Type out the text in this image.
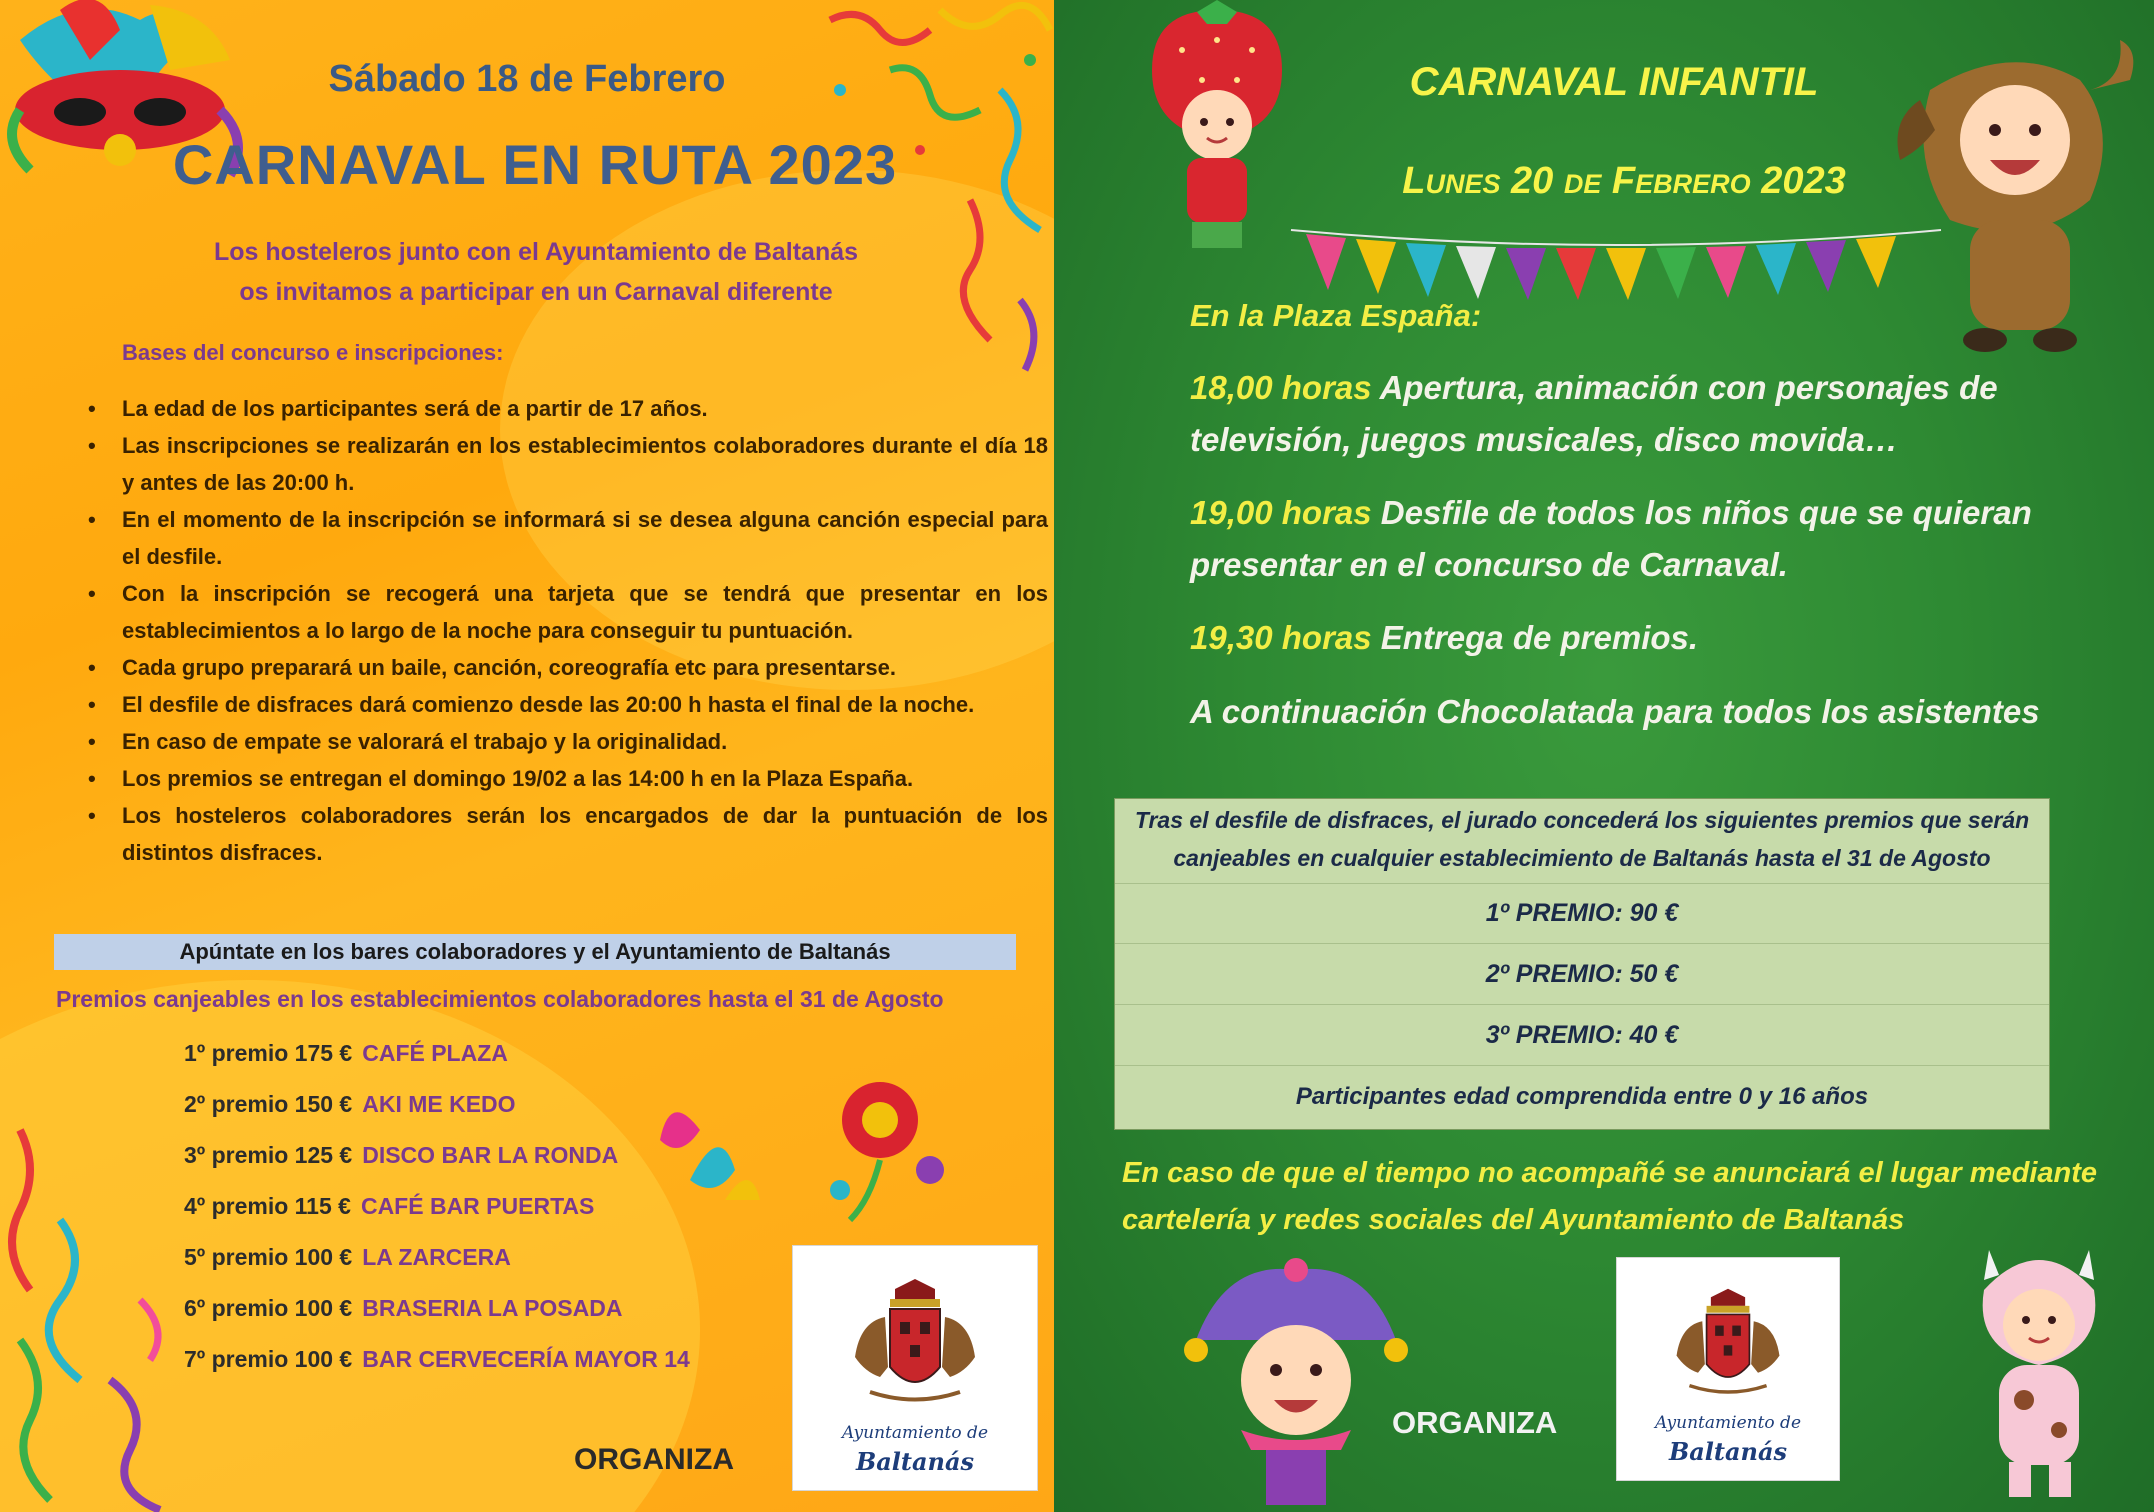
Sábado 18 de Febrero
CARNAVAL EN RUTA 2023
Los hosteleros junto con el Ayuntamiento de Baltanás
os invitamos a participar en un Carnaval diferente
Bases del concurso e inscripciones:
• La edad de los participantes será de a partir de 17 años.
• Las inscripciones se realizarán en los establecimientos colaboradores durante el día 18 y antes de las 20:00 h.
• En el momento de la inscripción se informará si se desea alguna canción especial para el desfile.
• Con la inscripción se recogerá una tarjeta que se tendrá que presentar en los establecimientos a lo largo de la noche para conseguir tu puntuación.
• Cada grupo preparará un baile, canción, coreografía etc para presentarse.
• El desfile de disfraces dará comienzo desde las 20:00 h hasta el final de la noche.
• En caso de empate se valorará el trabajo y la originalidad.
• Los premios se entregan el domingo 19/02 a las 14:00 h en la Plaza España.
• Los hosteleros colaboradores serán los encargados de dar la puntuación de los distintos disfraces.
Apúntate en los bares colaboradores y el Ayuntamiento de Baltanás
Premios canjeables en los establecimientos colaboradores hasta el 31 de Agosto
1º premio 175 € CAFÉ PLAZA
2º premio 150 € AKI ME KEDO
3º premio 125 € DISCO BAR LA RONDA
4º premio 115 € CAFÉ BAR PUERTAS
5º premio 100 € LA ZARCERA
6º premio 100 € BRASERIA LA POSADA
7º premio 100 € BAR CERVECERÍA MAYOR 14
Ayuntamiento de
Baltanás
ORGANIZA
CARNAVAL INFANTIL
Lunes 20 de Febrero 2023
En la Plaza España:
18,00 horas Apertura, animación con personajes de
televisión, juegos musicales, disco movida…
19,00 horas Desfile de todos los niños que se quieran
presentar en el concurso de Carnaval.
19,30 horas Entrega de premios.
A continuación Chocolatada para todos los asistentes
Tras el desfile de disfraces, el jurado concederá los siguientes premios que serán
canjeables en cualquier establecimiento de Baltanás hasta el 31 de Agosto
1º PREMIO: 90 €
2º PREMIO: 50 €
3º PREMIO: 40 €
Participantes edad comprendida entre 0 y 16 años
En caso de que el tiempo no acompañé se anunciará el lugar mediante
cartelería y redes sociales del Ayuntamiento de Baltanás
ORGANIZA	Ayuntamiento de
Baltanás
